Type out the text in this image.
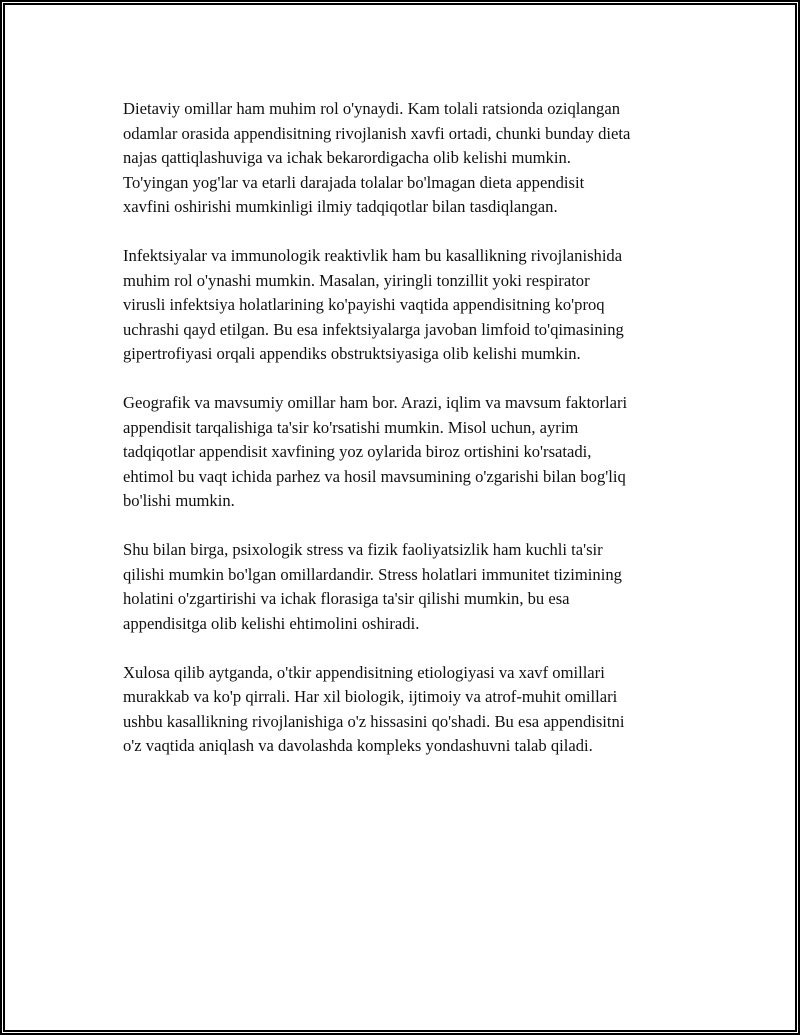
Dietaviy omillar ham muhim rol o'ynaydi. Kam tolali ratsionda oziqlangan
odamlar orasida appendisitning rivojlanish xavfi ortadi, chunki bunday dieta
najas qattiqlashuviga va ichak bekarordigacha olib kelishi mumkin.
To'yingan yog'lar va etarli darajada tolalar bo'lmagan dieta appendisit
xavfini oshirishi mumkinligi ilmiy tadqiqotlar bilan tasdiqlangan.

Infektsiyalar va immunologik reaktivlik ham bu kasallikning rivojlanishida
muhim rol o'ynashi mumkin. Masalan, yiringli tonzillit yoki respirator
virusli infektsiya holatlarining ko'payishi vaqtida appendisitning ko'proq
uchrashi qayd etilgan. Bu esa infektsiyalarga javoban limfoid to'qimasining
gipertrofiyasi orqali appendiks obstruktsiyasiga olib kelishi mumkin.

Geografik va mavsumiy omillar ham bor. Arazi, iqlim va mavsum faktorlari
appendisit tarqalishiga ta'sir ko'rsatishi mumkin. Misol uchun, ayrim
tadqiqotlar appendisit xavfining yoz oylarida biroz ortishini ko'rsatadi,
ehtimol bu vaqt ichida parhez va hosil mavsumining o'zgarishi bilan bog'liq
bo'lishi mumkin.

Shu bilan birga, psixologik stress va fizik faoliyatsizlik ham kuchli ta'sir
qilishi mumkin bo'lgan omillardandir. Stress holatlari immunitet tizimining
holatini o'zgartirishi va ichak florasiga ta'sir qilishi mumkin, bu esa
appendisitga olib kelishi ehtimolini oshiradi.

Xulosa qilib aytganda, o'tkir appendisitning etiologiyasi va xavf omillari
murakkab va ko'p qirrali. Har xil biologik, ijtimoiy va atrof-muhit omillari
ushbu kasallikning rivojlanishiga o'z hissasini qo'shadi. Bu esa appendisitni
o'z vaqtida aniqlash va davolashda kompleks yondashuvni talab qiladi.
